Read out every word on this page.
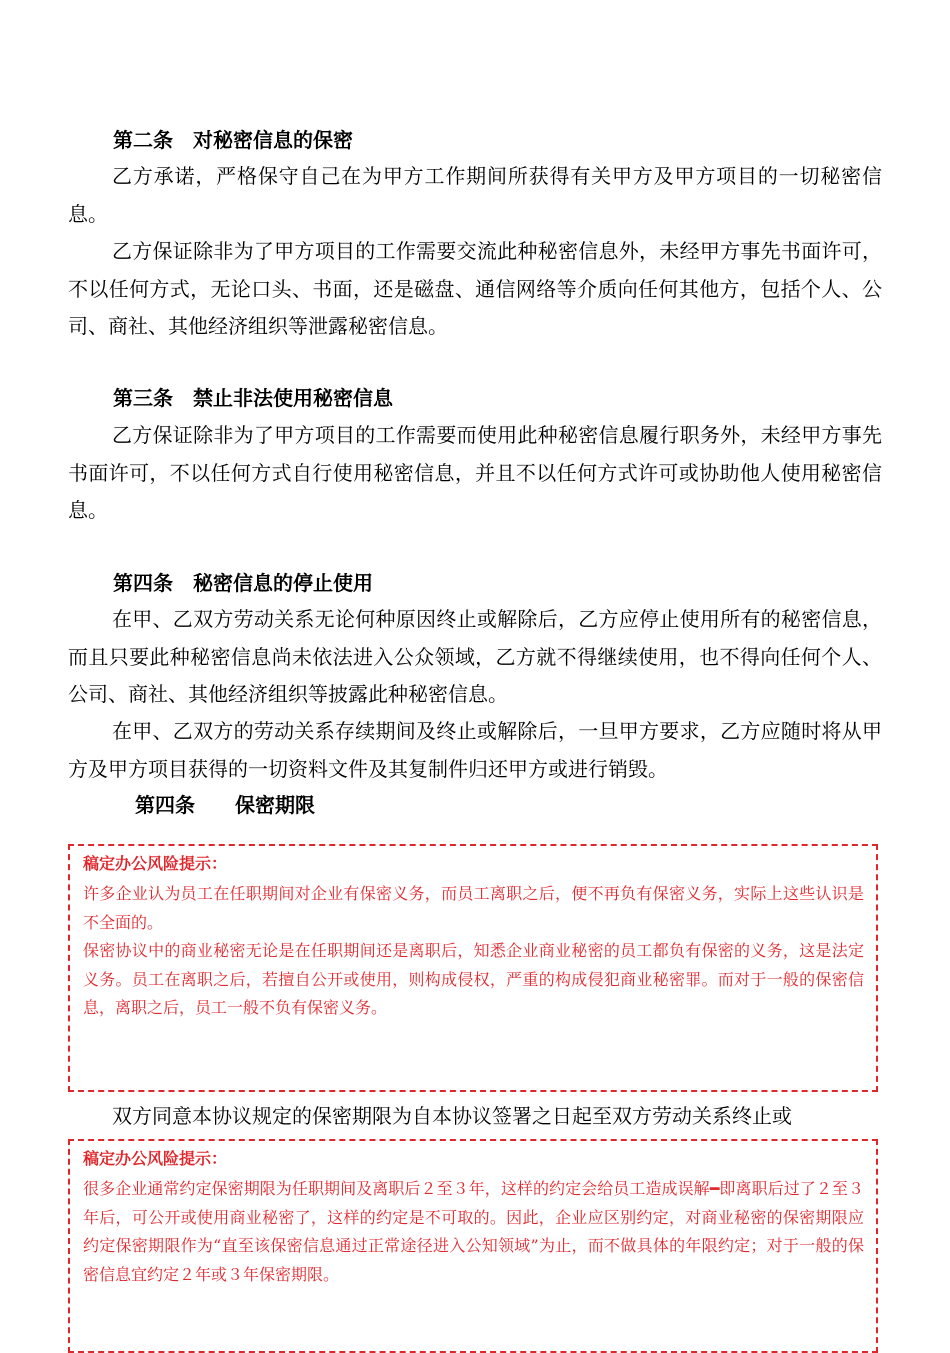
第二条　对秘密信息的保密

乙方承诺，严格保守自己在为甲方工作期间所获得有关甲方及甲方项目的一切秘密信息。

乙方保证除非为了甲方项目的工作需要交流此种秘密信息外，未经甲方事先书面许可，不以任何方式，无论口头、书面，还是磁盘、通信网络等介质向任何其他方，包括个人、公司、商社、其他经济组织等泄露秘密信息。

第三条　禁止非法使用秘密信息

乙方保证除非为了甲方项目的工作需要而使用此种秘密信息履行职务外，未经甲方事先书面许可，不以任何方式自行使用秘密信息，并且不以任何方式许可或协助他人使用秘密信息。

第四条　秘密信息的停止使用

在甲、乙双方劳动关系无论何种原因终止或解除后，乙方应停止使用所有的秘密信息，而且只要此种秘密信息尚未依法进入公众领域，乙方就不得继续使用，也不得向任何个人、公司、商社、其他经济组织等披露此种秘密信息。

在甲、乙双方的劳动关系存续期间及终止或解除后，一旦甲方要求，乙方应随时将从甲方及甲方项目获得的一切资料文件及其复制件归还甲方或进行销毁。

第四条　　保密期限
稿定办公风险提示：

许多企业认为员工在任职期间对企业有保密义务，而员工离职之后，便不再负有保密义务，实际上这些认识是不全面的。

保密协议中的商业秘密无论是在任职期间还是离职后，知悉企业商业秘密的员工都负有保密的义务，这是法定义务。员工在离职之后，若擅自公开或使用，则构成侵权，严重的构成侵犯商业秘密罪。而对于一般的保密信息，离职之后，员工一般不负有保密义务。

双方同意本协议规定的保密期限为自本协议签署之日起至双方劳动关系终止或

稿定办公风险提示：

很多企业通常约定保密期限为任职期间及离职后２至３年，这样的约定会给员工造成误解━即离职后过了２至３年后，可公开或使用商业秘密了，这样的约定是不可取的。因此，企业应区别约定，对商业秘密的保密期限应约定保密期限作为“直至该保密信息通过正常途径进入公知领域”为止，而不做具体的年限约定；对于一般的保密信息宜约定２年或３年保密期限。
